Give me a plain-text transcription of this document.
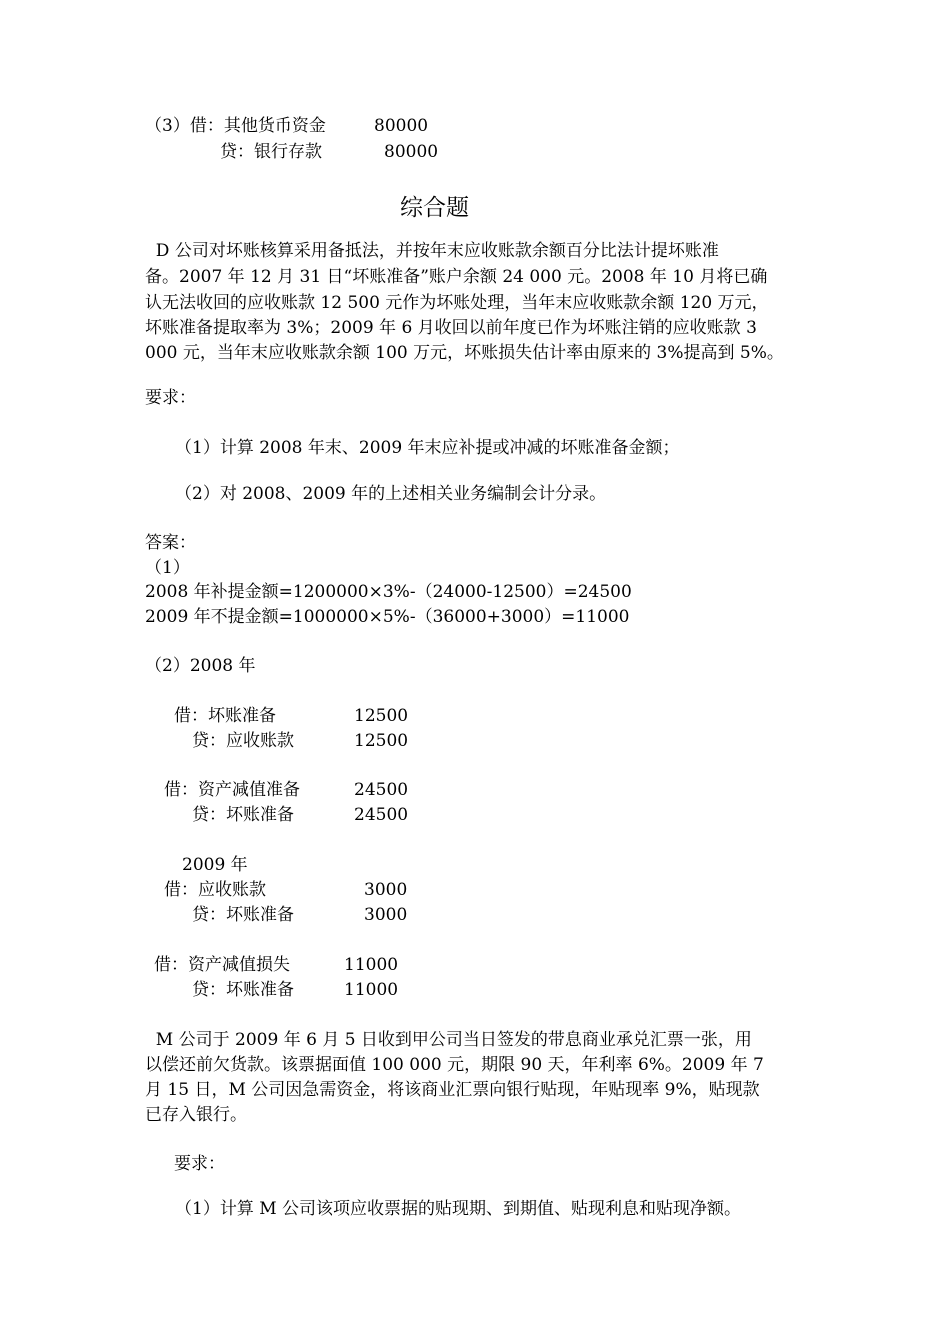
（3）借：其他货币资金	80000
贷：银行存款	80000
综合题
D 公司对坏账核算采用备抵法，并按年末应收账款余额百分比法计提坏账准
备。2007 年 12 月 31 日“坏账准备”账户余额 24 000 元。2008 年 10 月将已确
认无法收回的应收账款 12 500 元作为坏账处理，当年末应收账款余额 120 万元，
坏账准备提取率为 3%；2009 年 6 月收回以前年度已作为坏账注销的应收账款 3
000 元，当年末应收账款余额 100 万元，坏账损失估计率由原来的 3%提高到 5%。
要求：
（1）计算 2008 年末、2009 年末应补提或冲减的坏账准备金额；
（2）对 2008、2009 年的上述相关业务编制会计分录。
答案：
（1）
2008 年补提金额=1200000×3%-（24000-12500）=24500
2009 年不提金额=1000000×5%-（36000+3000）=11000
（2）2008 年
借：坏账准备	12500
贷：应收账款	12500
借：资产减值准备	24500
贷：坏账准备	24500
2009 年
借：应收账款	3000
贷：坏账准备	3000
借：资产减值损失	11000
贷：坏账准备	11000
M 公司于 2009 年 6 月 5 日收到甲公司当日签发的带息商业承兑汇票一张，用
以偿还前欠货款。该票据面值 100 000 元，期限 90 天，年利率 6%。2009 年 7
月 15 日，M 公司因急需资金，将该商业汇票向银行贴现，年贴现率 9%，贴现款
已存入银行。
要求：
（1）计算 M 公司该项应收票据的贴现期、到期值、贴现利息和贴现净额。
